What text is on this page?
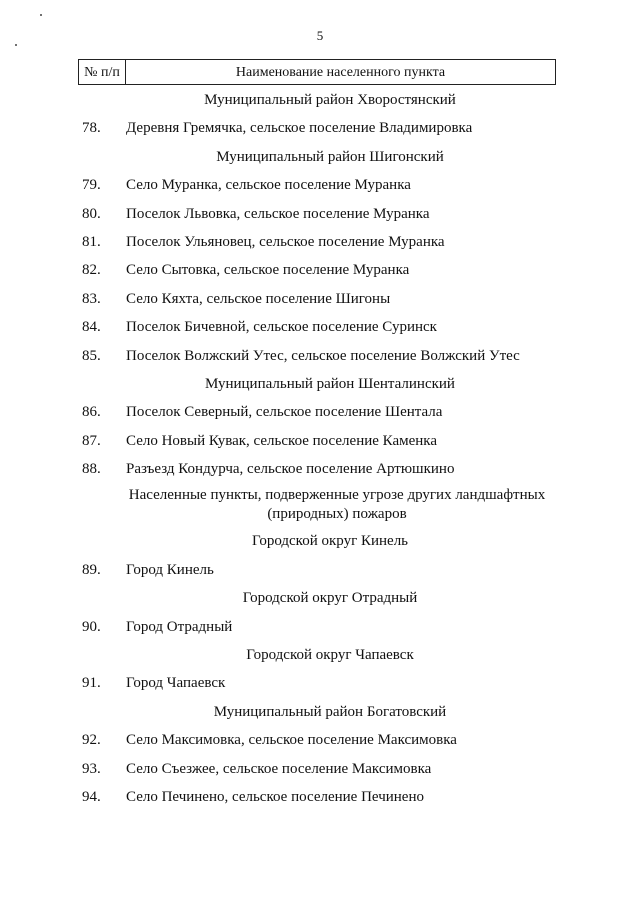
5
№ п/п	Наименование населенного пункта
Муниципальный район Хворостянский
78.	Деревня Гремячка, сельское поселение Владимировка
Муниципальный район Шигонский
79.	Село Муранка, сельское поселение Муранка
80.	Поселок Львовка, сельское поселение Муранка
81.	Поселок Ульяновец, сельское поселение Муранка
82.	Село Сытовка, сельское поселение Муранка
83.	Село Кяхта, сельское поселение Шигоны
84.	Поселок Бичевной, сельское поселение Суринск
85.	Поселок Волжский Утес, сельское поселение Волжский Утес
Муниципальный район Шенталинский
86.	Поселок Северный, сельское поселение Шентала
87.	Село Новый Кувак, сельское поселение Каменка
88.	Разъезд Кондурча, сельское поселение Артюшкино
Населенные пункты, подверженные угрозе других ландшафтных
(природных) пожаров
Городской округ Кинель
89.	Город Кинель
Городской округ Отрадный
90.	Город Отрадный
Городской округ Чапаевск
91.	Город Чапаевск
Муниципальный район Богатовский
92.	Село Максимовка, сельское поселение Максимовка
93.	Село Съезжее, сельское поселение Максимовка
94.	Село Печинено, сельское поселение Печинено
